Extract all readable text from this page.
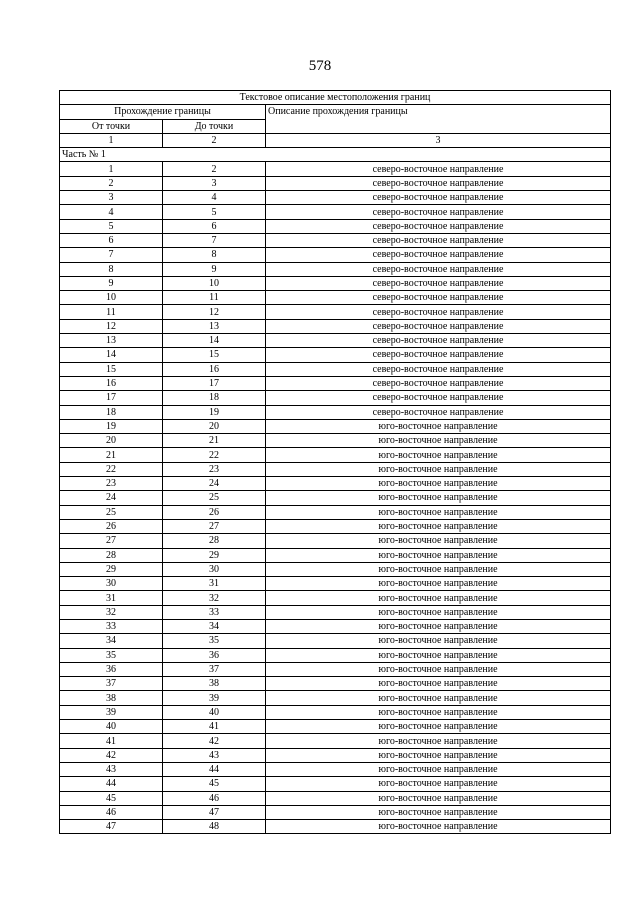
578
Текстовое описание местоположения границ		
Прохождение границы		Описание прохождения границы
От точки	До точки	
1	2	3
Часть № 1		
1	2	северо-восточное направление
2	3	северо-восточное направление
3	4	северо-восточное направление
4	5	северо-восточное направление
5	6	северо-восточное направление
6	7	северо-восточное направление
7	8	северо-восточное направление
8	9	северо-восточное направление
9	10	северо-восточное направление
10	11	северо-восточное направление
11	12	северо-восточное направление
12	13	северо-восточное направление
13	14	северо-восточное направление
14	15	северо-восточное направление
15	16	северо-восточное направление
16	17	северо-восточное направление
17	18	северо-восточное направление
18	19	северо-восточное направление
19	20	юго-восточное направление
20	21	юго-восточное направление
21	22	юго-восточное направление
22	23	юго-восточное направление
23	24	юго-восточное направление
24	25	юго-восточное направление
25	26	юго-восточное направление
26	27	юго-восточное направление
27	28	юго-восточное направление
28	29	юго-восточное направление
29	30	юго-восточное направление
30	31	юго-восточное направление
31	32	юго-восточное направление
32	33	юго-восточное направление
33	34	юго-восточное направление
34	35	юго-восточное направление
35	36	юго-восточное направление
36	37	юго-восточное направление
37	38	юго-восточное направление
38	39	юго-восточное направление
39	40	юго-восточное направление
40	41	юго-восточное направление
41	42	юго-восточное направление
42	43	юго-восточное направление
43	44	юго-восточное направление
44	45	юго-восточное направление
45	46	юго-восточное направление
46	47	юго-восточное направление
47	48	юго-восточное направление
